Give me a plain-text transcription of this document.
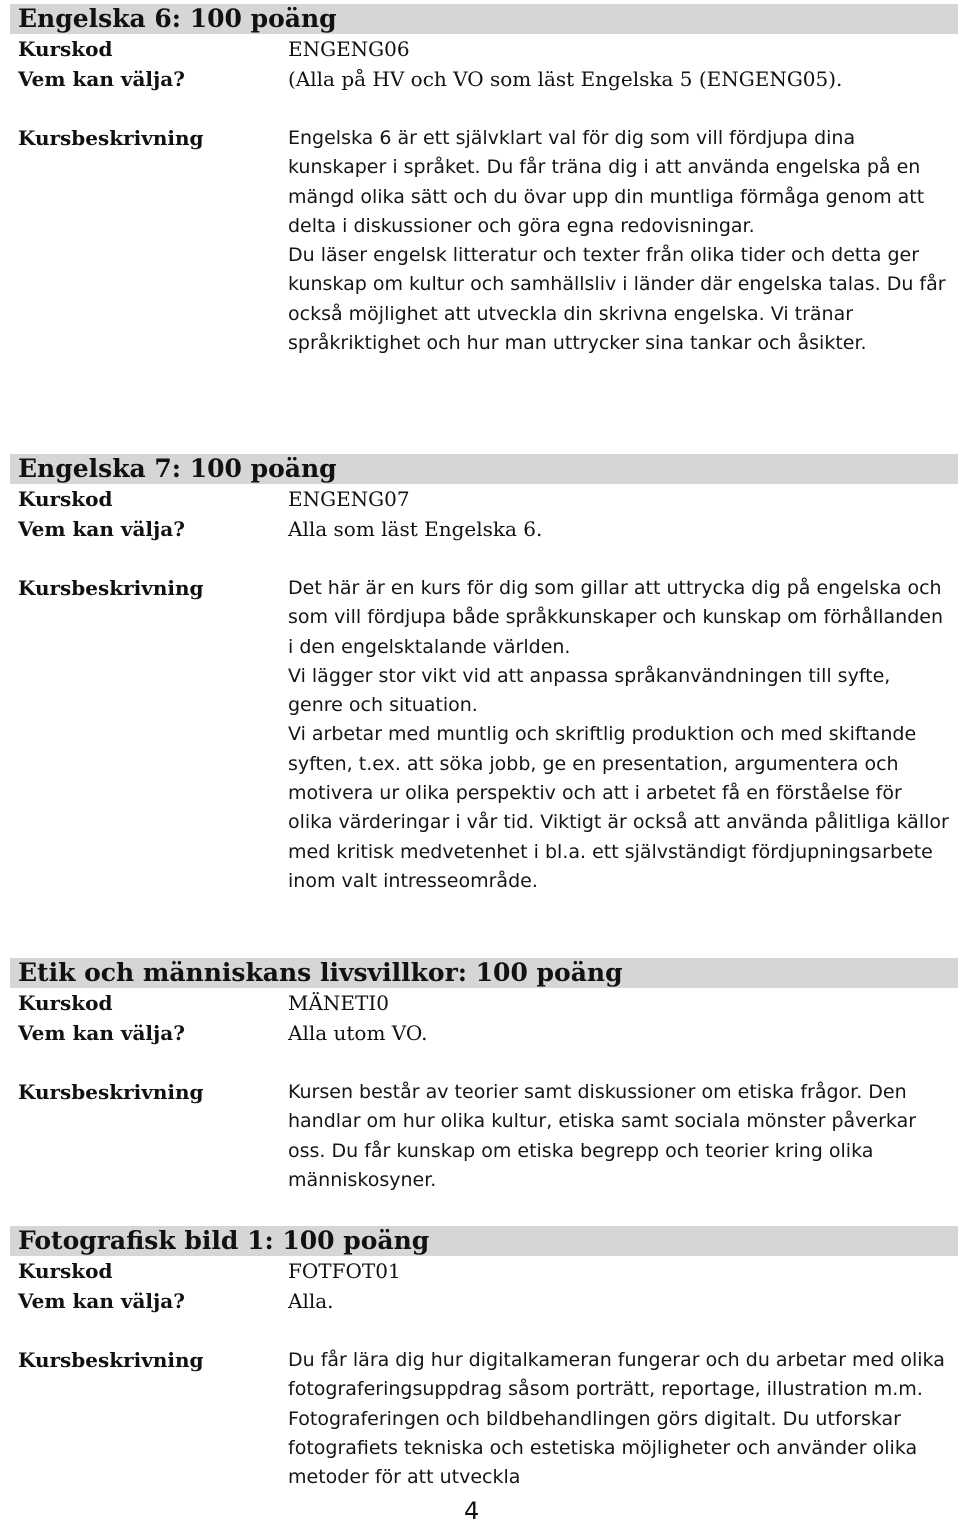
Engelska 6: 100 poäng
Kurskod	ENGENG06
Vem kan välja?	(Alla på HV och VO som läst Engelska 5 (ENGENG05).
Kursbeskrivning	Engelska 6 är ett självklart val för dig som vill fördjupa dina kunskaper i språket. Du får träna dig i att använda engelska på en mängd olika sätt och du övar upp din muntliga förmåga genom att delta i diskussioner och göra egna redovisningar.

Du läser engelsk litteratur och texter från olika tider och detta ger kunskap om kultur och samhällsliv i länder där engelska talas. Du får också möjlighet att utveckla din skrivna engelska. Vi tränar språkriktighet och hur man uttrycker sina tankar och åsikter.

Engelska 7: 100 poäng
Kurskod	ENGENG07
Vem kan välja?	Alla som läst Engelska 6.
Kursbeskrivning	Det här är en kurs för dig som gillar att uttrycka dig på engelska och som vill fördjupa både språkkunskaper och kunskap om förhållanden i den engelsktalande världen.

Vi lägger stor vikt vid att anpassa språkanvändningen till syfte, genre och situation.

Vi arbetar med muntlig och skriftlig produktion och med skiftande syften, t.ex. att söka jobb, ge en presentation, argumentera och motivera ur olika perspektiv och att i arbetet få en förståelse för olika värderingar i vår tid. Viktigt är också att använda pålitliga källor med kritisk medvetenhet i bl.a. ett självständigt fördjupningsarbete inom valt intresseområde.

Etik och människans livsvillkor: 100 poäng
Kurskod	MÄNETI0
Vem kan välja?	Alla utom VO.
Kursbeskrivning	Kursen består av teorier samt diskussioner om etiska frågor. Den handlar om hur olika kultur, etiska samt sociala mönster påverkar oss. Du får kunskap om etiska begrepp och teorier kring olika människosyner.

Fotografisk bild 1: 100 poäng
Kurskod	FOTFOT01
Vem kan välja?	Alla.
Kursbeskrivning	Du får lära dig hur digitalkameran fungerar och du arbetar med olika fotograferingsuppdrag såsom porträtt, reportage, illustration m.m. Fotograferingen och bildbehandlingen görs digitalt. Du utforskar fotografiets tekniska och estetiska möjligheter och använder olika metoder för att utveckla

4
